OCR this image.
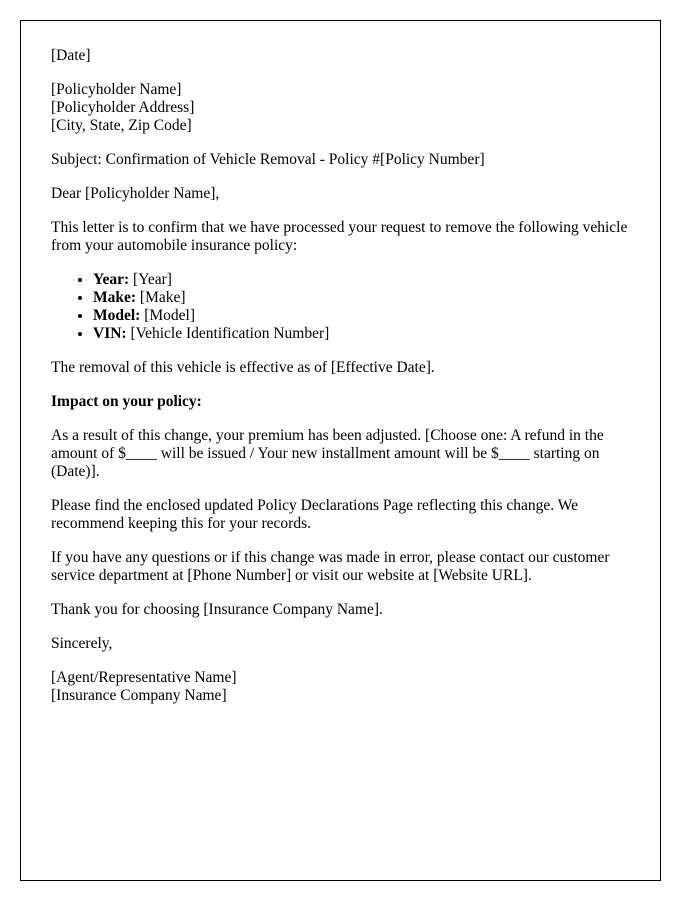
[Date]

[Policyholder Name]
[Policyholder Address]
[City, State, Zip Code]

Subject: Confirmation of Vehicle Removal - Policy #[Policy Number]

Dear [Policyholder Name],

This letter is to confirm that we have processed your request to remove the following vehicle from your automobile insurance policy:

• Year: [Year]
• Make: [Make]
• Model: [Model]
• VIN: [Vehicle Identification Number]

The removal of this vehicle is effective as of [Effective Date].

Impact on your policy:

As a result of this change, your premium has been adjusted. [Choose one: A refund in the amount of $____ will be issued / Your new installment amount will be $____ starting on (Date)].

Please find the enclosed updated Policy Declarations Page reflecting this change. We recommend keeping this for your records.

If you have any questions or if this change was made in error, please contact our customer service department at [Phone Number] or visit our website at [Website URL].

Thank you for choosing [Insurance Company Name].

Sincerely,

[Agent/Representative Name]
[Insurance Company Name]
